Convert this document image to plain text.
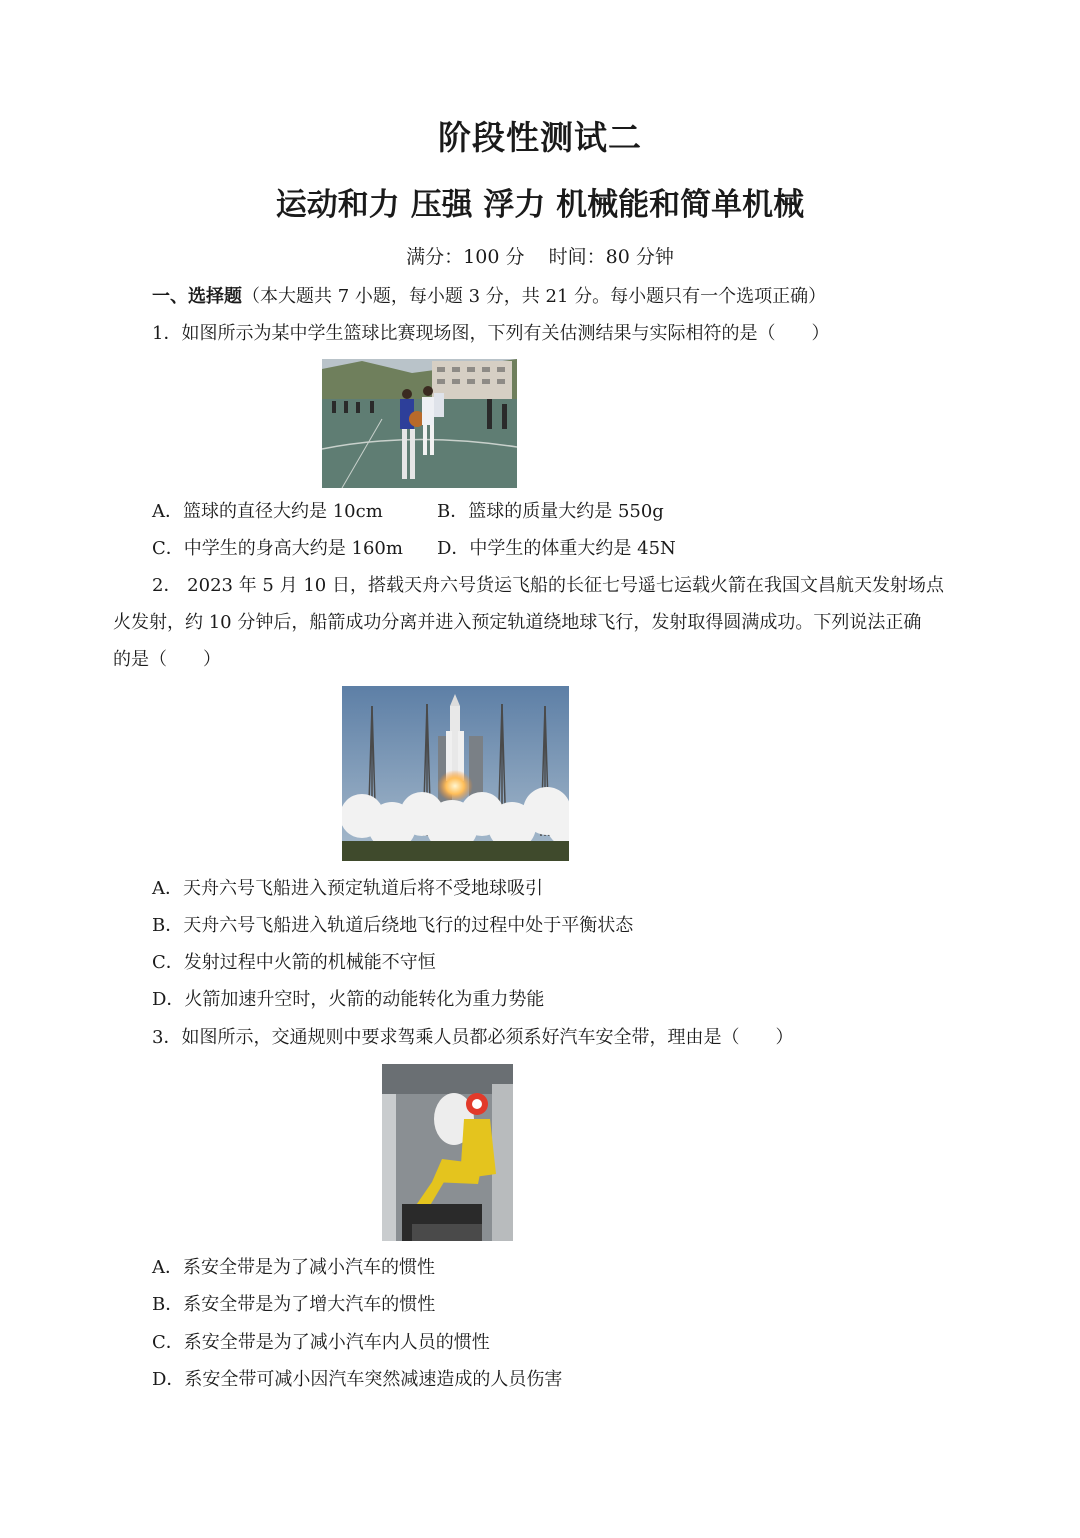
阶段性测试二
运动和力 压强 浮力 机械能和简单机械
满分：100 分    时间：80 分钟
一、选择题（本大题共 7 小题，每小题 3 分，共 21 分。每小题只有一个选项正确）
1．如图所示为某中学生篮球比赛现场图，下列有关估测结果与实际相符的是（　　）
A．篮球的直径大约是 10cm	B．篮球的质量大约是 550g
C．中学生的身高大约是 160m D．中学生的体重大约是 45N
2． 2023 年 5 月 10 日，搭载天舟六号货运飞船的长征七号遥七运载火箭在我国文昌航天发射场点
火发射，约 10 分钟后，船箭成功分离并进入预定轨道绕地球飞行，发射取得圆满成功。下列说法正确
的是（　　）
A．天舟六号飞船进入预定轨道后将不受地球吸引
B．天舟六号飞船进入轨道后绕地飞行的过程中处于平衡状态
C．发射过程中火箭的机械能不守恒
D．火箭加速升空时，火箭的动能转化为重力势能
3．如图所示，交通规则中要求驾乘人员都必须系好汽车安全带，理由是（　　）
A．系安全带是为了减小汽车的惯性
B．系安全带是为了增大汽车的惯性
C．系安全带是为了减小汽车内人员的惯性
D．系安全带可减小因汽车突然减速造成的人员伤害
